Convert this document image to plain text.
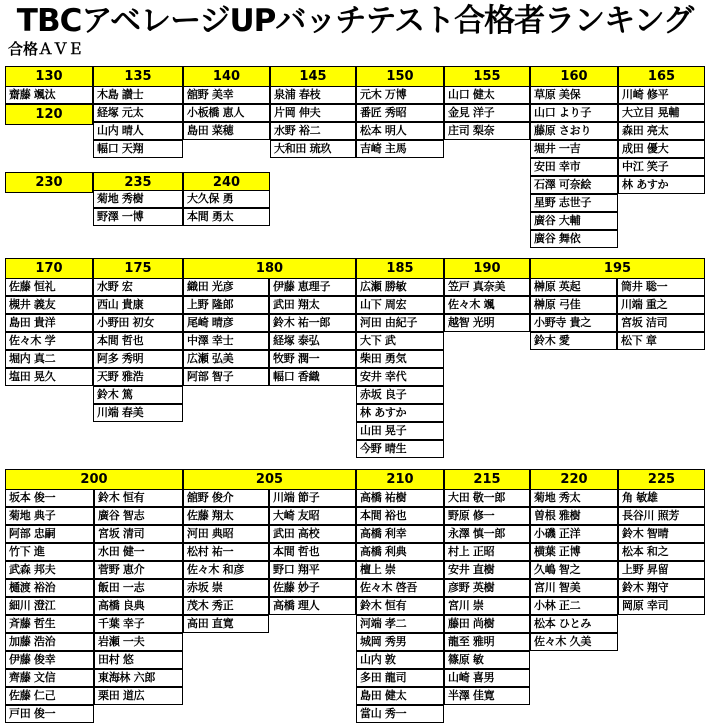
TBCアベレージUPバッチテスト合格者ランキング
合格ＡＶＥ
130
齋藤 颯汰
135
木島 讃士
経塚 元太
山内 晴人
幅口 天翔
140
舘野 美幸
小板橋 恵人
島田 菜穂
145
泉浦 春枝
片岡 伸夫
水野 裕二
大和田 琉玖
150
元木 万博
番匠 秀昭
松本 明人
吉崎 主馬
155
山口 健太
金見 洋子
庄司 梨奈
160
草原 美保
山口 より子
藤原 さおり
堀井 一吉
安田 幸市
石澤 可奈絵
星野 志世子
廣谷 大輔
廣谷 舞依
165
川崎 修平
大立目 晃輔
森田 亮太
成田 優大
中江 笑子
林 あすか
120
230	235
菊地 秀樹
野澤 一博
240
大久保 勇
本間 勇太
170
佐藤 恒礼
槻井 義友
島田 貴洋
佐々木 学
堀内 真二
塩田 晃久
175
水野 宏
西山 貴康
小野田 初女
本間 哲也
阿多 秀明
天野 雅浩
鈴木 篤
川端 春美
180
織田 光彦
上野 隆郎
尾崎 晴彦
中澤 幸士
広瀬 弘美
阿部 智子
伊藤 恵理子
武田 翔太
鈴木 祐一郎
経塚 泰弘
牧野 潤一
幅口 香織
185
広瀬 勝敏
山下 周宏
河田 由紀子
大下 武
柴田 勇気
安井 幸代
赤坂 良子
林 あすか
山田 晃子
今野 晴生
190
笠戸 真奈美
佐々木 颯
越智 光明
195
榊原 英起
榊原 弓佳
小野寺 貴之
鈴木 愛
筒井 聡一
川端 重之
宮坂 洁司
松下 章
200
坂本 俊一
菊地 典子
阿部 忠嗣
竹下 進
武森 邦夫
樋渡 裕治
細川 澄江
斉藤 哲生
加藤 浩治
伊藤 俊幸
齊藤 文信
佐藤 仁己
戸田 俊一
鈴木 恒有
廣谷 智志
宮坂 清司
水田 健一
菅野 恵介
飯田 一志
高橋 良典
千葉 幸子
岩瀬 一夫
田村 悠
東海林 六郎
栗田 道広
205
舘野 俊介
佐藤 翔太
河田 典昭
松村 祐一
佐々木 和彦
赤坂 崇
茂木 秀正
高田 直寛
川端 節子
大崎 友昭
武田 高校
本間 哲也
野口 翔平
佐藤 妙子
高橋 理人
210
高橋 祐樹
本間 裕也
高橋 利幸
高橋 利典
檀上 崇
佐々木 啓吾
鈴木 恒有
河端 孝二
城岡 秀男
山内 敦
多田 龍司
島田 健太
當山 秀一
215
大田 敬一郎
野原 修一
永澤 慎一郎
村上 正昭
安井 直樹
彦野 英樹
宮川 崇
藤田 尚樹
龍至 雅明
篠原 敏
山崎 喜男
半澤 佳寛
220
菊地 秀太
曽根 雅樹
小磯 正洋
横葉 正博
久嶋 智之
宮川 智美
小林 正二
松本 ひとみ
佐々木 久美
225
角 敏雄
長谷川 照芳
鈴木 智晴
松本 和之
上野 昇留
鈴木 翔守
岡原 幸司
